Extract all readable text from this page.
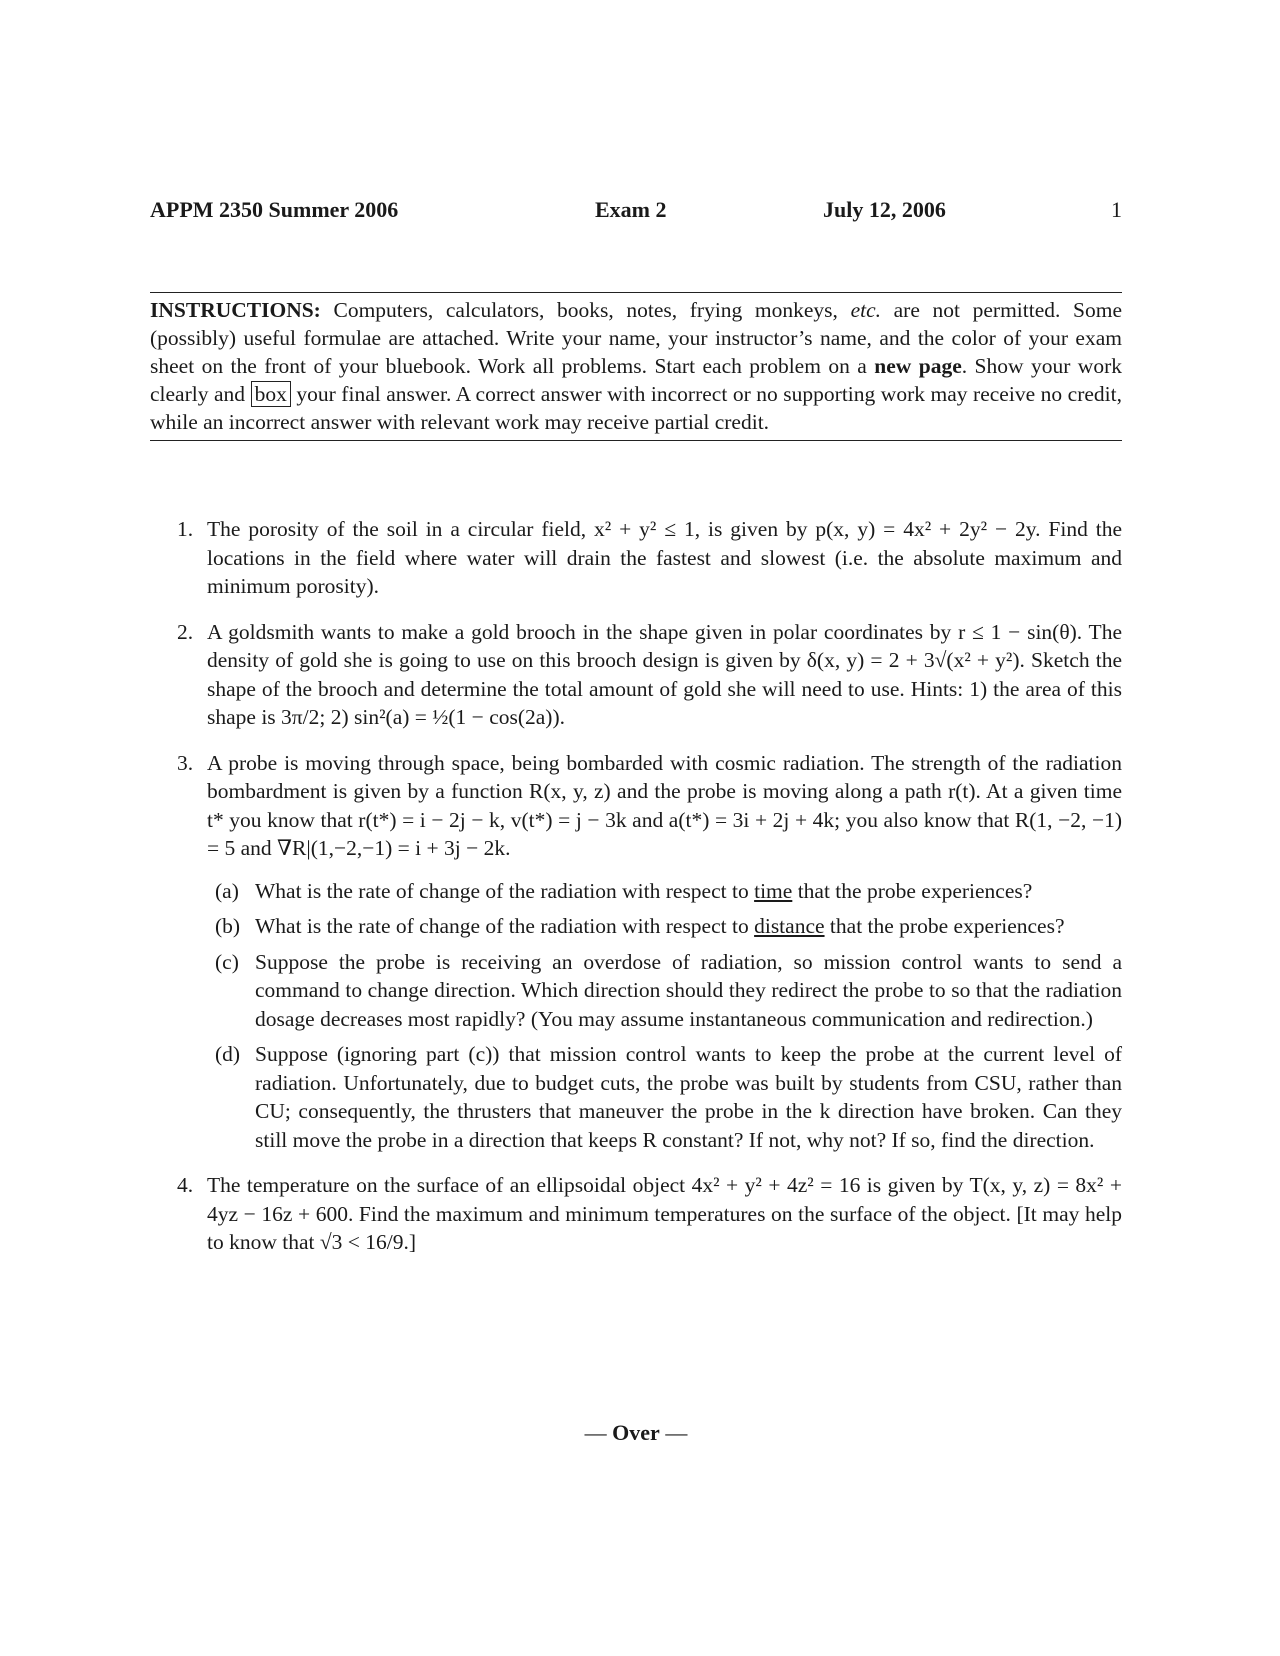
APPM 2350 Summer 2006	Exam 2	July 12, 2006	1
INSTRUCTIONS: Computers, calculators, books, notes, frying monkeys, etc. are not permitted. Some (possibly) useful formulae are attached. Write your name, your instructor’s name, and the color of your exam sheet on the front of your bluebook. Work all problems. Start each problem on a new page. Show your work clearly and box your final answer. A correct answer with incorrect or no supporting work may receive no credit, while an incorrect answer with relevant work may receive partial credit.
1. The porosity of the soil in a circular field, x² + y² ≤ 1, is given by p(x, y) = 4x² + 2y² − 2y. Find the locations in the field where water will drain the fastest and slowest (i.e. the absolute maximum and minimum porosity).
2. A goldsmith wants to make a gold brooch in the shape given in polar coordinates by r ≤ 1 − sin(θ). The density of gold she is going to use on this brooch design is given by δ(x, y) = 2 + 3√(x² + y²). Sketch the shape of the brooch and determine the total amount of gold she will need to use. Hints: 1) the area of this shape is 3π/2; 2) sin²(a) = ½(1 − cos(2a)).
3. A probe is moving through space, being bombarded with cosmic radiation. The strength of the radiation bombardment is given by a function R(x, y, z) and the probe is moving along a path r(t). At a given time t* you know that r(t*) = i − 2j − k, v(t*) = j − 3k and a(t*) = 3i + 2j + 4k; you also know that R(1, −2, −1) = 5 and ∇R|(1,−2,−1) = i + 3j − 2k.
(a) What is the rate of change of the radiation with respect to time that the probe experiences?
(b) What is the rate of change of the radiation with respect to distance that the probe experiences?
(c) Suppose the probe is receiving an overdose of radiation, so mission control wants to send a command to change direction. Which direction should they redirect the probe to so that the radiation dosage decreases most rapidly? (You may assume instantaneous communication and redirection.)
(d) Suppose (ignoring part (c)) that mission control wants to keep the probe at the current level of radiation. Unfortunately, due to budget cuts, the probe was built by students from CSU, rather than CU; consequently, the thrusters that maneuver the probe in the k direction have broken. Can they still move the probe in a direction that keeps R constant? If not, why not? If so, find the direction.
4. The temperature on the surface of an ellipsoidal object 4x² + y² + 4z² = 16 is given by T(x, y, z) = 8x² + 4yz − 16z + 600. Find the maximum and minimum temperatures on the surface of the object. [It may help to know that √3 < 16/9.]
— Over —
